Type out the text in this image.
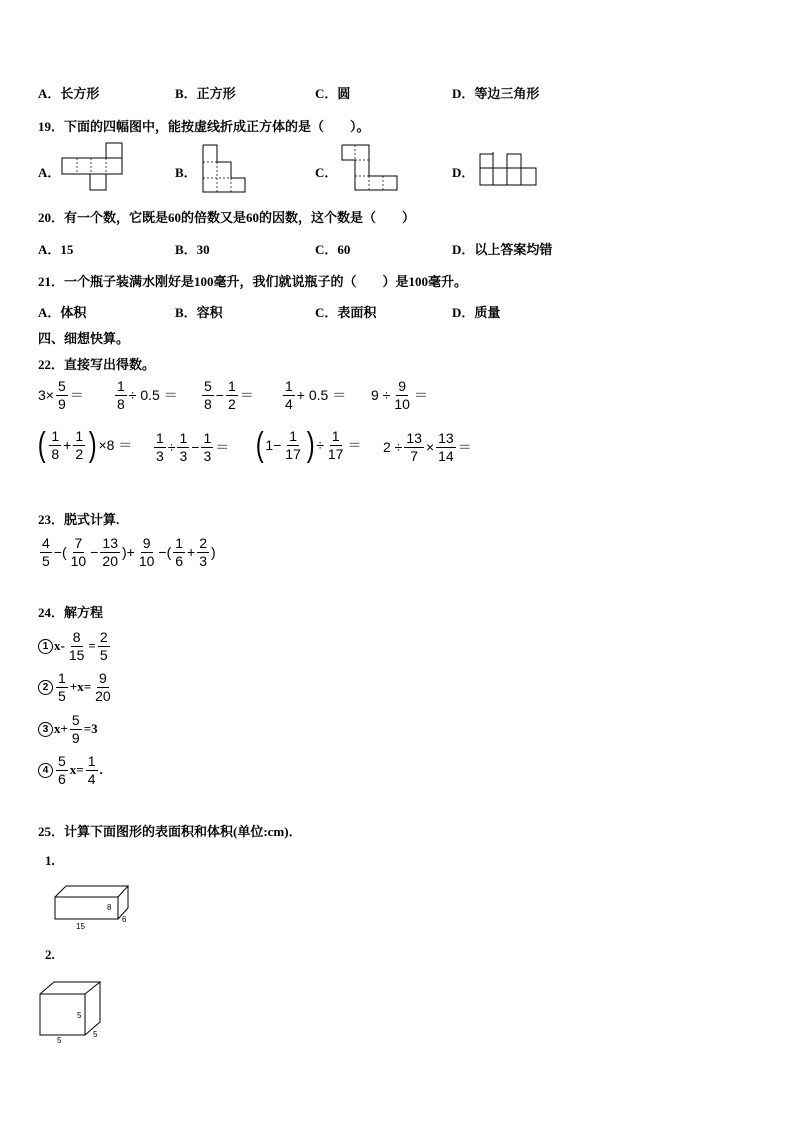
A．长方形	B．正方形	C．圆	D．等边三角形
19．下面的四幅图中，能按虚线折成正方体的是（　　）。
A．	B．	C．	D．
20．有一个数，它既是60的倍数又是60的因数，这个数是（　　）
A．15	B．30	C．60	D．以上答案均错
21．一个瓶子装满水刚好是100毫升，我们就说瓶子的（　　）是100毫升。
A．体积	B．容积	C．表面积	D．质量
四、细想快算。
22．直接写出得数。
$3\times \frac{5}{9} = \frac{1}{8} \div 0.5 = \frac{5}{8} - \frac{1}{2} = \frac{1}{4} + 0.5 = 9 \div \frac{9}{10}$ ＝
( $\frac{1}{8} + \frac{1}{2}$ ) $\times 8 = \frac{1}{3} \div \frac{1}{3} - \frac{1}{3}$ ＝ ( $1- \frac{1}{17}$ ) ÷ $\frac{1}{17} = 2 \div \frac{13}{7} \times \frac{13}{14}$ ＝
23．脱式计算.
$\frac{4}{5}$ −( $\frac{7}{10} - \frac{13}{20}$ )+ $\frac{9}{10}$ −( $\frac{1}{6} + \frac{2}{3}$ )
24．解方程
1 $x- \frac{8}{15} = \frac{2}{5}$
$2 \frac{1}{5} +x= \frac{9}{20}$
3 $x+ \frac{5}{9} =3$
$4 \frac{5}{6} x= \frac{1}{4}$ .
25．计算下面图形的表面积和体积(单位:cm)．
1.
8
15
6
2.
5
5
5
